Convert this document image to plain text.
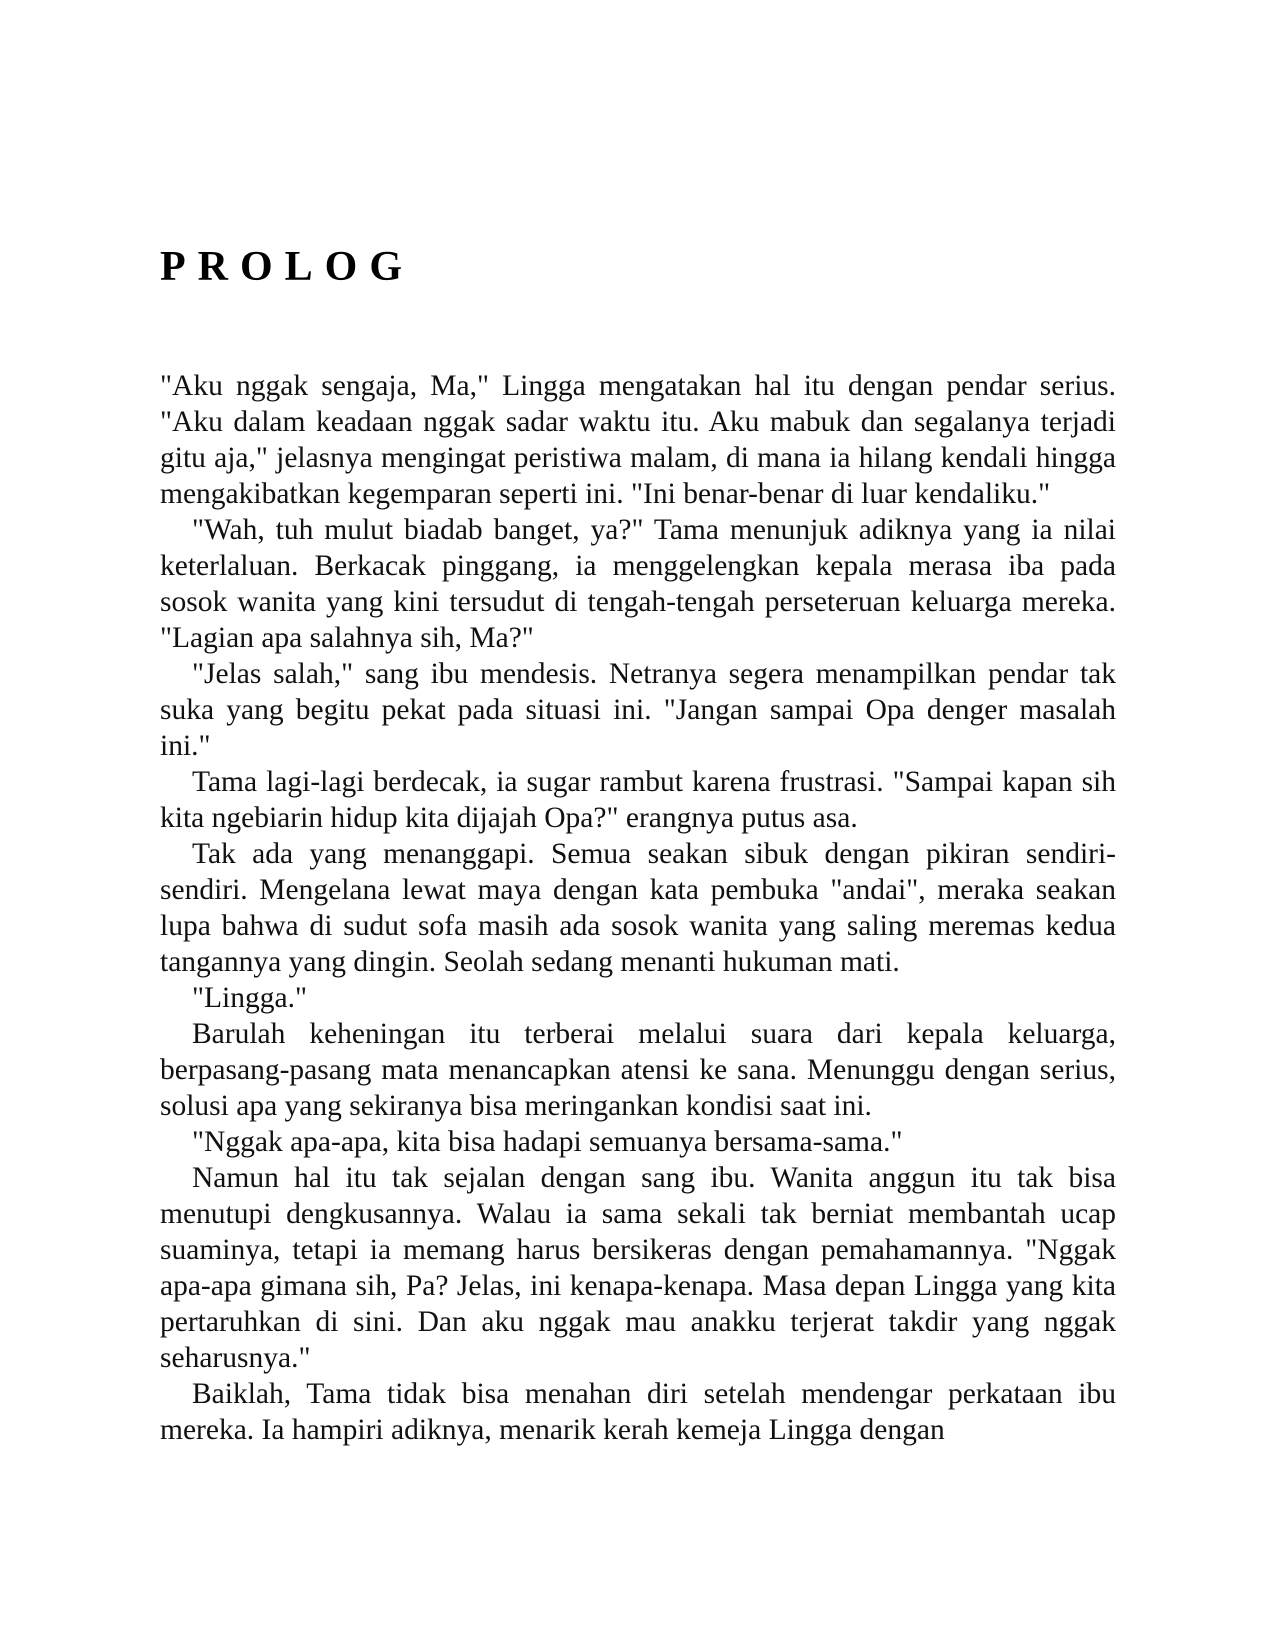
PROLOG

"Aku nggak sengaja, Ma," Lingga mengatakan hal itu dengan pendar serius. "Aku dalam keadaan nggak sadar waktu itu. Aku mabuk dan segalanya terjadi gitu aja," jelasnya mengingat peristiwa malam, di mana ia hilang kendali hingga mengakibatkan kegemparan seperti ini. "Ini benar-benar di luar kendaliku."

"Wah, tuh mulut biadab banget, ya?" Tama menunjuk adiknya yang ia nilai keterlaluan. Berkacak pinggang, ia menggelengkan kepala merasa iba pada sosok wanita yang kini tersudut di tengah-tengah perseteruan keluarga mereka. "Lagian apa salahnya sih, Ma?"

"Jelas salah," sang ibu mendesis. Netranya segera menampilkan pendar tak suka yang begitu pekat pada situasi ini. "Jangan sampai Opa denger masalah ini."

Tama lagi-lagi berdecak, ia sugar rambut karena frustrasi. "Sampai kapan sih kita ngebiarin hidup kita dijajah Opa?" erangnya putus asa.

Tak ada yang menanggapi. Semua seakan sibuk dengan pikiran sendiri-sendiri. Mengelana lewat maya dengan kata pembuka "andai", meraka seakan lupa bahwa di sudut sofa masih ada sosok wanita yang saling meremas kedua tangannya yang dingin. Seolah sedang menanti hukuman mati.

"Lingga."

Barulah keheningan itu terberai melalui suara dari kepala keluarga, berpasang-pasang mata menancapkan atensi ke sana. Menunggu dengan serius, solusi apa yang sekiranya bisa meringankan kondisi saat ini.

"Nggak apa-apa, kita bisa hadapi semuanya bersama-sama."

Namun hal itu tak sejalan dengan sang ibu. Wanita anggun itu tak bisa menutupi dengkusannya. Walau ia sama sekali tak berniat membantah ucap suaminya, tetapi ia memang harus bersikeras dengan pemahamannya. "Nggak apa-apa gimana sih, Pa? Jelas, ini kenapa-kenapa. Masa depan Lingga yang kita pertaruhkan di sini. Dan aku nggak mau anakku terjerat takdir yang nggak seharusnya."

Baiklah, Tama tidak bisa menahan diri setelah mendengar perkataan ibu mereka. Ia hampiri adiknya, menarik kerah kemeja Lingga dengan
